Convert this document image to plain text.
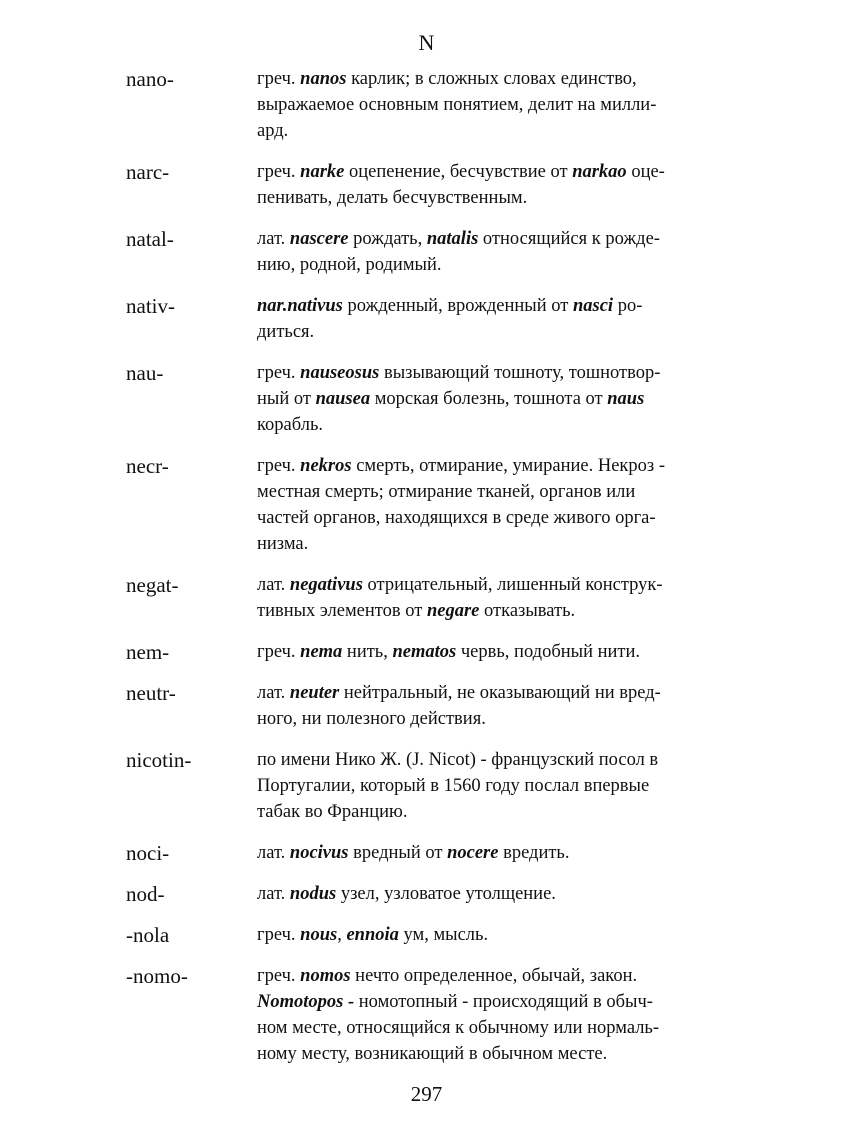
N
nano-	греч. nanos карлик; в сложных словах единство,
выражаемое основным понятием, делит на милли-
ард.
narc-	греч. narke оцепенение, бесчувствие от narkao оце-
пенивать, делать бесчувственным.
natal-	лат. nascere рождать, natalis относящийся к рожде-
нию, родной, родимый.
nativ-	nar.nativus рожденный, врожденный от nasci ро-
диться.
nau-	греч. nauseosus вызывающий тошноту, тошнотвор-
ный от nausea морская болезнь, тошнота от naus
корабль.
necr-	греч. nekros смерть, отмирание, умирание. Некроз -
местная смерть; отмирание тканей, органов или
частей органов, находящихся в среде живого орга-
низма.
negat-	лат. negativus отрицательный, лишенный конструк-
тивных элементов от negare отказывать.
nem-	греч. nema нить, nematos червь, подобный нити.
neutr-	лат. neuter нейтральный, не оказывающий ни вред-
ного, ни полезного действия.
nicotin-	по имени Нико Ж. (J. Nicot) - французский посол в
Португалии, который в 1560 году послал впервые
табак во Францию.
noci-	лат. nocivus вредный от nocere вредить.
nod-	лат. nodus узел, узловатое утолщение.
-nola	греч. nous, ennoia ум, мысль.
-nomo-	греч. nomos нечто определенное, обычай, закон.
Nomotopos - номотопный - происходящий в обыч-
ном месте, относящийся к обычному или нормаль-
ному месту, возникающий в обычном месте.
297
